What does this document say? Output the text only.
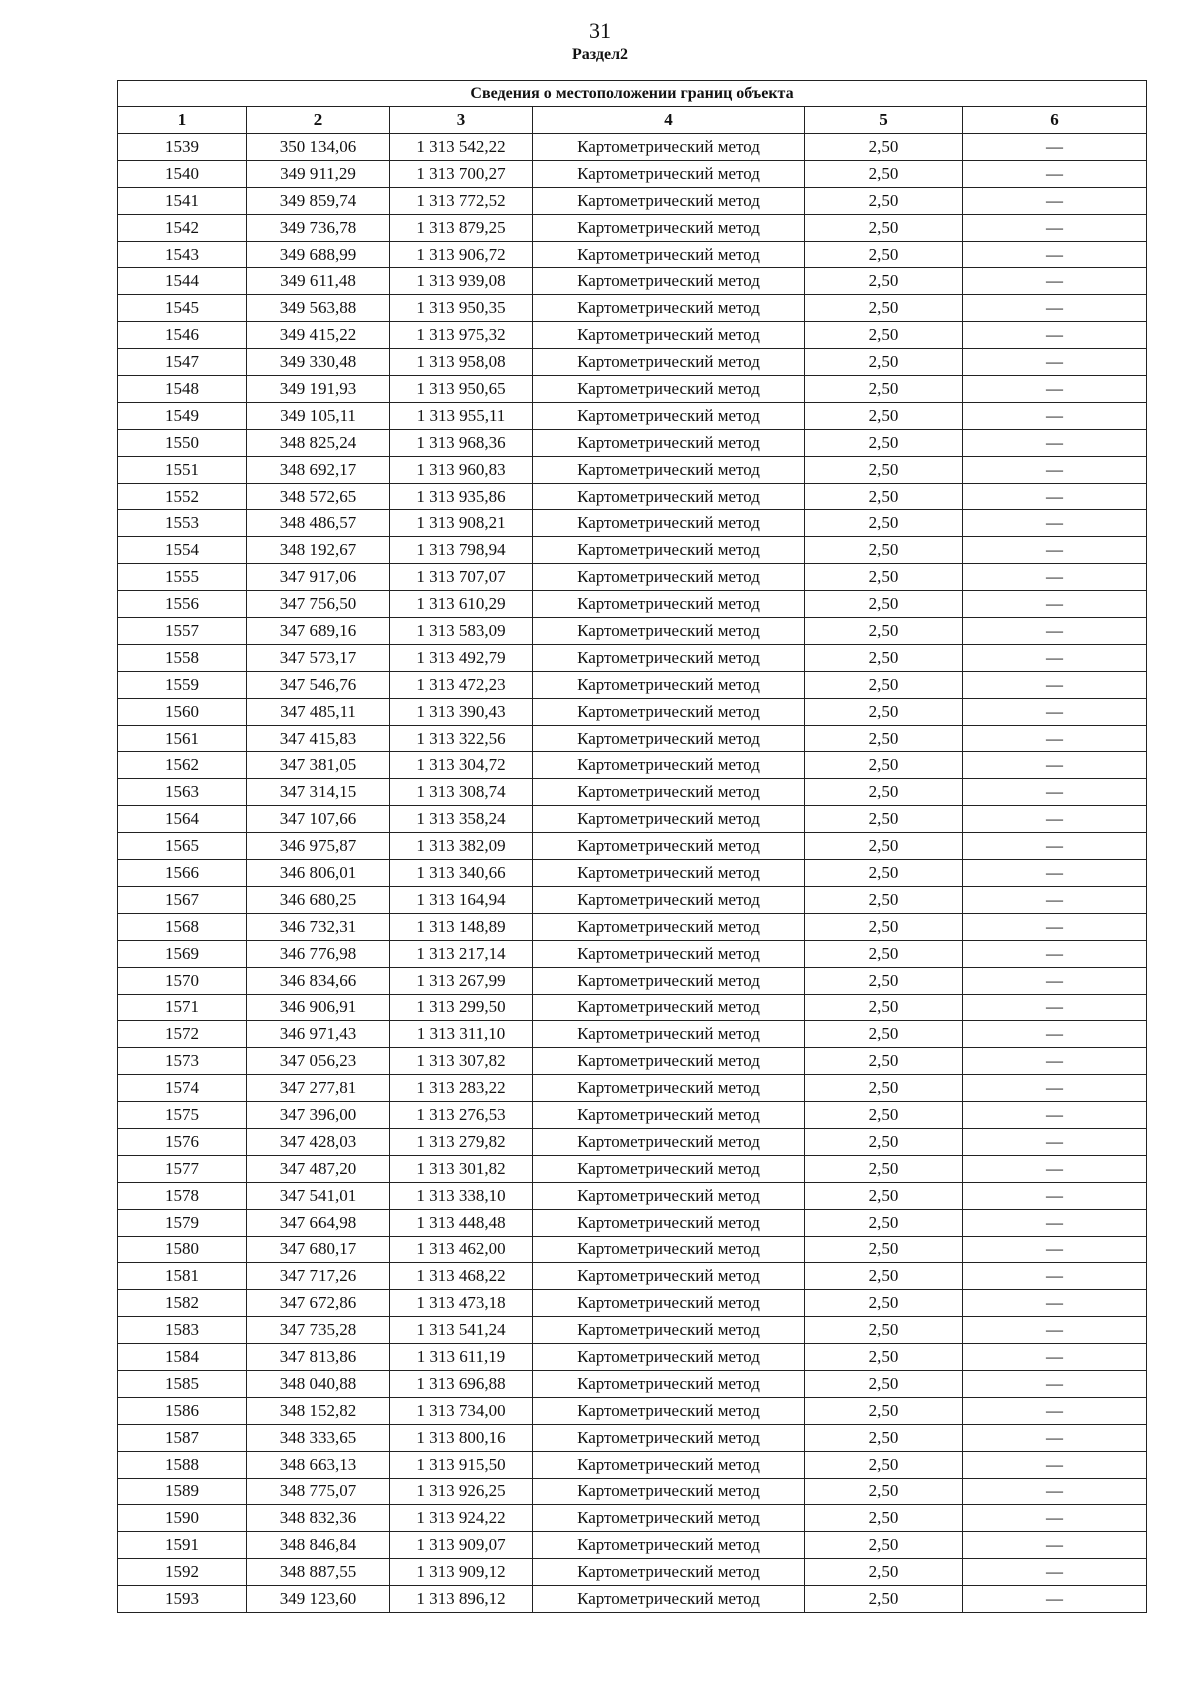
31
Раздел2
Сведения о местоположении границ объекта					
1	2	3	4	5	6
1539	350 134,06	1 313 542,22	Картометрический метод	2,50	—
1540	349 911,29	1 313 700,27	Картометрический метод	2,50	—
1541	349 859,74	1 313 772,52	Картометрический метод	2,50	—
1542	349 736,78	1 313 879,25	Картометрический метод	2,50	—
1543	349 688,99	1 313 906,72	Картометрический метод	2,50	—
1544	349 611,48	1 313 939,08	Картометрический метод	2,50	—
1545	349 563,88	1 313 950,35	Картометрический метод	2,50	—
1546	349 415,22	1 313 975,32	Картометрический метод	2,50	—
1547	349 330,48	1 313 958,08	Картометрический метод	2,50	—
1548	349 191,93	1 313 950,65	Картометрический метод	2,50	—
1549	349 105,11	1 313 955,11	Картометрический метод	2,50	—
1550	348 825,24	1 313 968,36	Картометрический метод	2,50	—
1551	348 692,17	1 313 960,83	Картометрический метод	2,50	—
1552	348 572,65	1 313 935,86	Картометрический метод	2,50	—
1553	348 486,57	1 313 908,21	Картометрический метод	2,50	—
1554	348 192,67	1 313 798,94	Картометрический метод	2,50	—
1555	347 917,06	1 313 707,07	Картометрический метод	2,50	—
1556	347 756,50	1 313 610,29	Картометрический метод	2,50	—
1557	347 689,16	1 313 583,09	Картометрический метод	2,50	—
1558	347 573,17	1 313 492,79	Картометрический метод	2,50	—
1559	347 546,76	1 313 472,23	Картометрический метод	2,50	—
1560	347 485,11	1 313 390,43	Картометрический метод	2,50	—
1561	347 415,83	1 313 322,56	Картометрический метод	2,50	—
1562	347 381,05	1 313 304,72	Картометрический метод	2,50	—
1563	347 314,15	1 313 308,74	Картометрический метод	2,50	—
1564	347 107,66	1 313 358,24	Картометрический метод	2,50	—
1565	346 975,87	1 313 382,09	Картометрический метод	2,50	—
1566	346 806,01	1 313 340,66	Картометрический метод	2,50	—
1567	346 680,25	1 313 164,94	Картометрический метод	2,50	—
1568	346 732,31	1 313 148,89	Картометрический метод	2,50	—
1569	346 776,98	1 313 217,14	Картометрический метод	2,50	—
1570	346 834,66	1 313 267,99	Картометрический метод	2,50	—
1571	346 906,91	1 313 299,50	Картометрический метод	2,50	—
1572	346 971,43	1 313 311,10	Картометрический метод	2,50	—
1573	347 056,23	1 313 307,82	Картометрический метод	2,50	—
1574	347 277,81	1 313 283,22	Картометрический метод	2,50	—
1575	347 396,00	1 313 276,53	Картометрический метод	2,50	—
1576	347 428,03	1 313 279,82	Картометрический метод	2,50	—
1577	347 487,20	1 313 301,82	Картометрический метод	2,50	—
1578	347 541,01	1 313 338,10	Картометрический метод	2,50	—
1579	347 664,98	1 313 448,48	Картометрический метод	2,50	—
1580	347 680,17	1 313 462,00	Картометрический метод	2,50	—
1581	347 717,26	1 313 468,22	Картометрический метод	2,50	—
1582	347 672,86	1 313 473,18	Картометрический метод	2,50	—
1583	347 735,28	1 313 541,24	Картометрический метод	2,50	—
1584	347 813,86	1 313 611,19	Картометрический метод	2,50	—
1585	348 040,88	1 313 696,88	Картометрический метод	2,50	—
1586	348 152,82	1 313 734,00	Картометрический метод	2,50	—
1587	348 333,65	1 313 800,16	Картометрический метод	2,50	—
1588	348 663,13	1 313 915,50	Картометрический метод	2,50	—
1589	348 775,07	1 313 926,25	Картометрический метод	2,50	—
1590	348 832,36	1 313 924,22	Картометрический метод	2,50	—
1591	348 846,84	1 313 909,07	Картометрический метод	2,50	—
1592	348 887,55	1 313 909,12	Картометрический метод	2,50	—
1593	349 123,60	1 313 896,12	Картометрический метод	2,50	—
